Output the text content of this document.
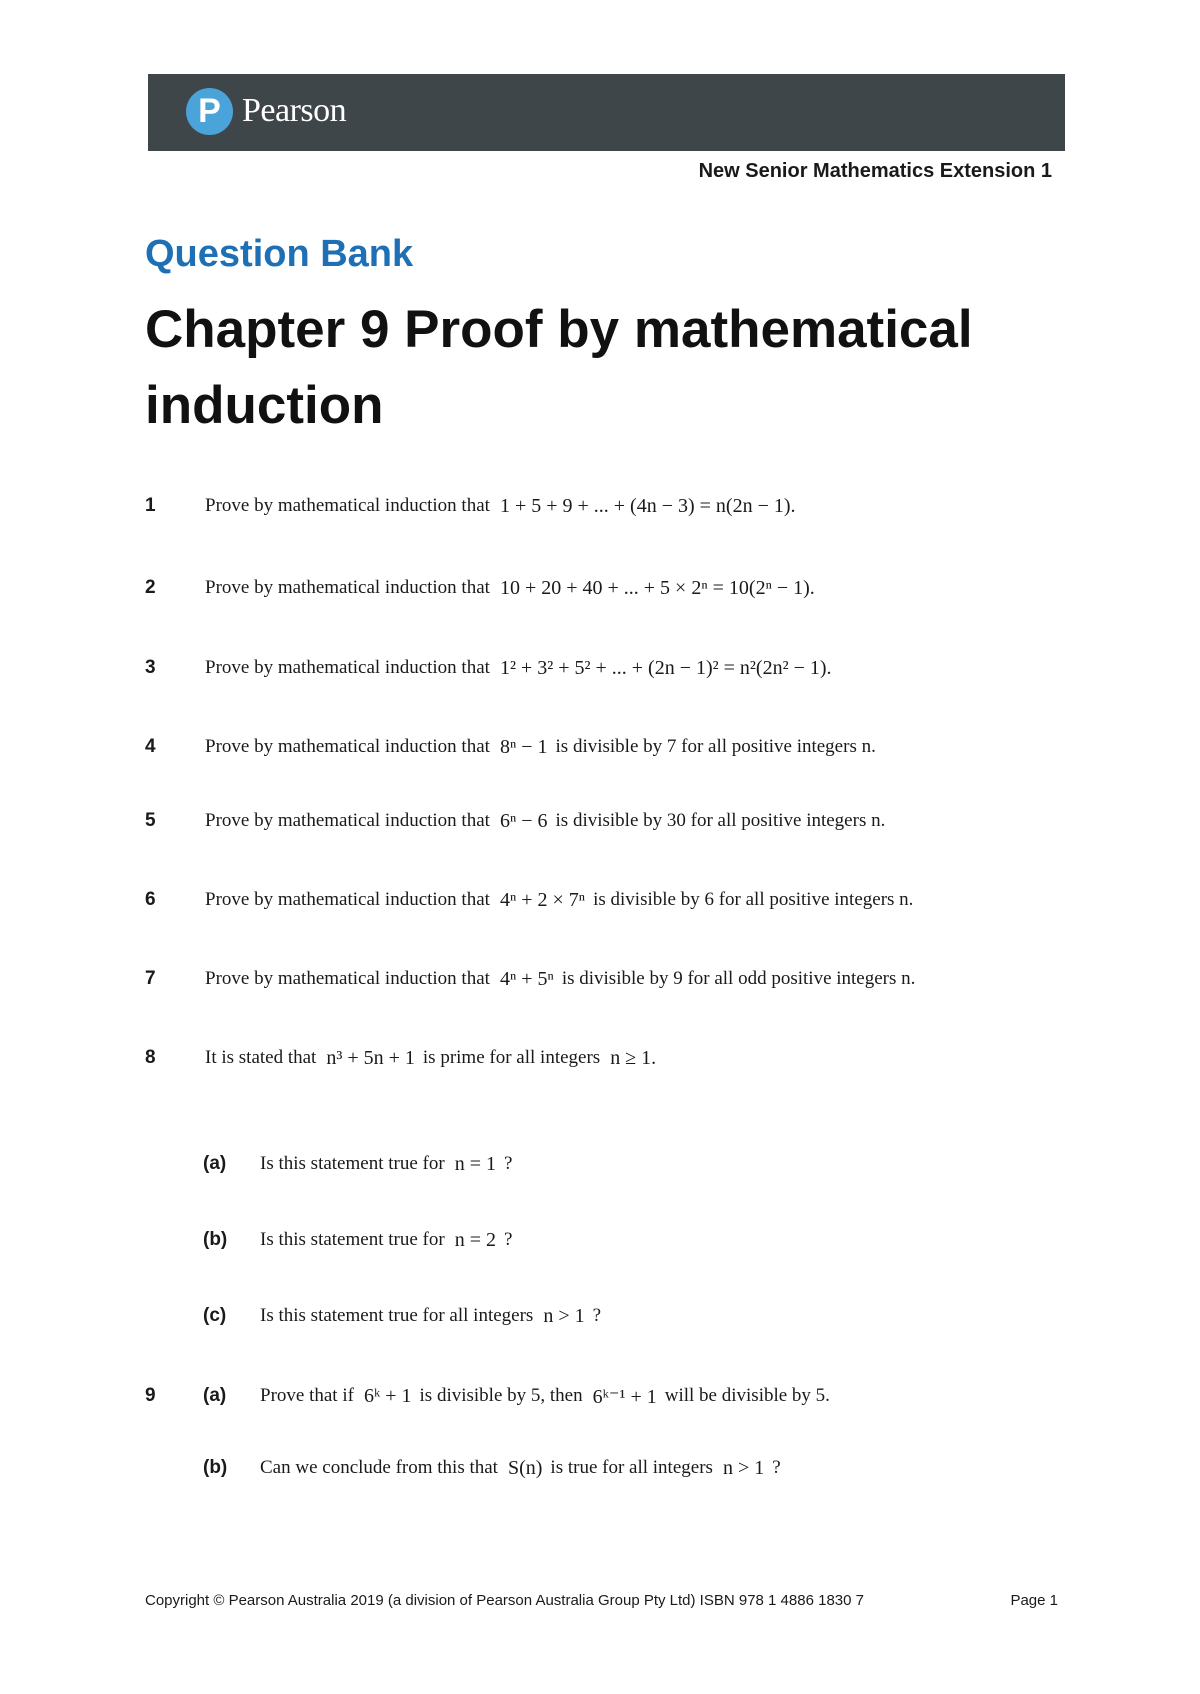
P Pearson
New Senior Mathematics Extension 1
Question Bank
Chapter 9 Proof by mathematical induction
1	Prove by mathematical induction that 1 + 5 + 9 + ... + (4n − 3) = n(2n − 1).
2	Prove by mathematical induction that 10 + 20 + 40 + ... + 5 × 2ⁿ = 10(2ⁿ − 1).
3	Prove by mathematical induction that 1² + 3² + 5² + ... + (2n − 1)² = n²(2n² − 1).
4	Prove by mathematical induction that 8ⁿ − 1 is divisible by 7 for all positive integers n.
5	Prove by mathematical induction that 6ⁿ − 6 is divisible by 30 for all positive integers n.
6	Prove by mathematical induction that 4ⁿ + 2 × 7ⁿ is divisible by 6 for all positive integers n.
7	Prove by mathematical induction that 4ⁿ + 5ⁿ is divisible by 9 for all odd positive integers n.
8	It is stated that n³ + 5n + 1 is prime for all integers n ≥ 1.
(a)	Is this statement true for n = 1 ?
(b)	Is this statement true for n = 2 ?
(c)	Is this statement true for all integers n > 1 ?
9	(a)	Prove that if 6ᵏ + 1 is divisible by 5, then 6ᵏ⁻¹ + 1 will be divisible by 5.
(b)	Can we conclude from this that S(n) is true for all integers n > 1 ?
Copyright © Pearson Australia 2019 (a division of Pearson Australia Group Pty Ltd) ISBN 978 1 4886 1830 7	Page 1
